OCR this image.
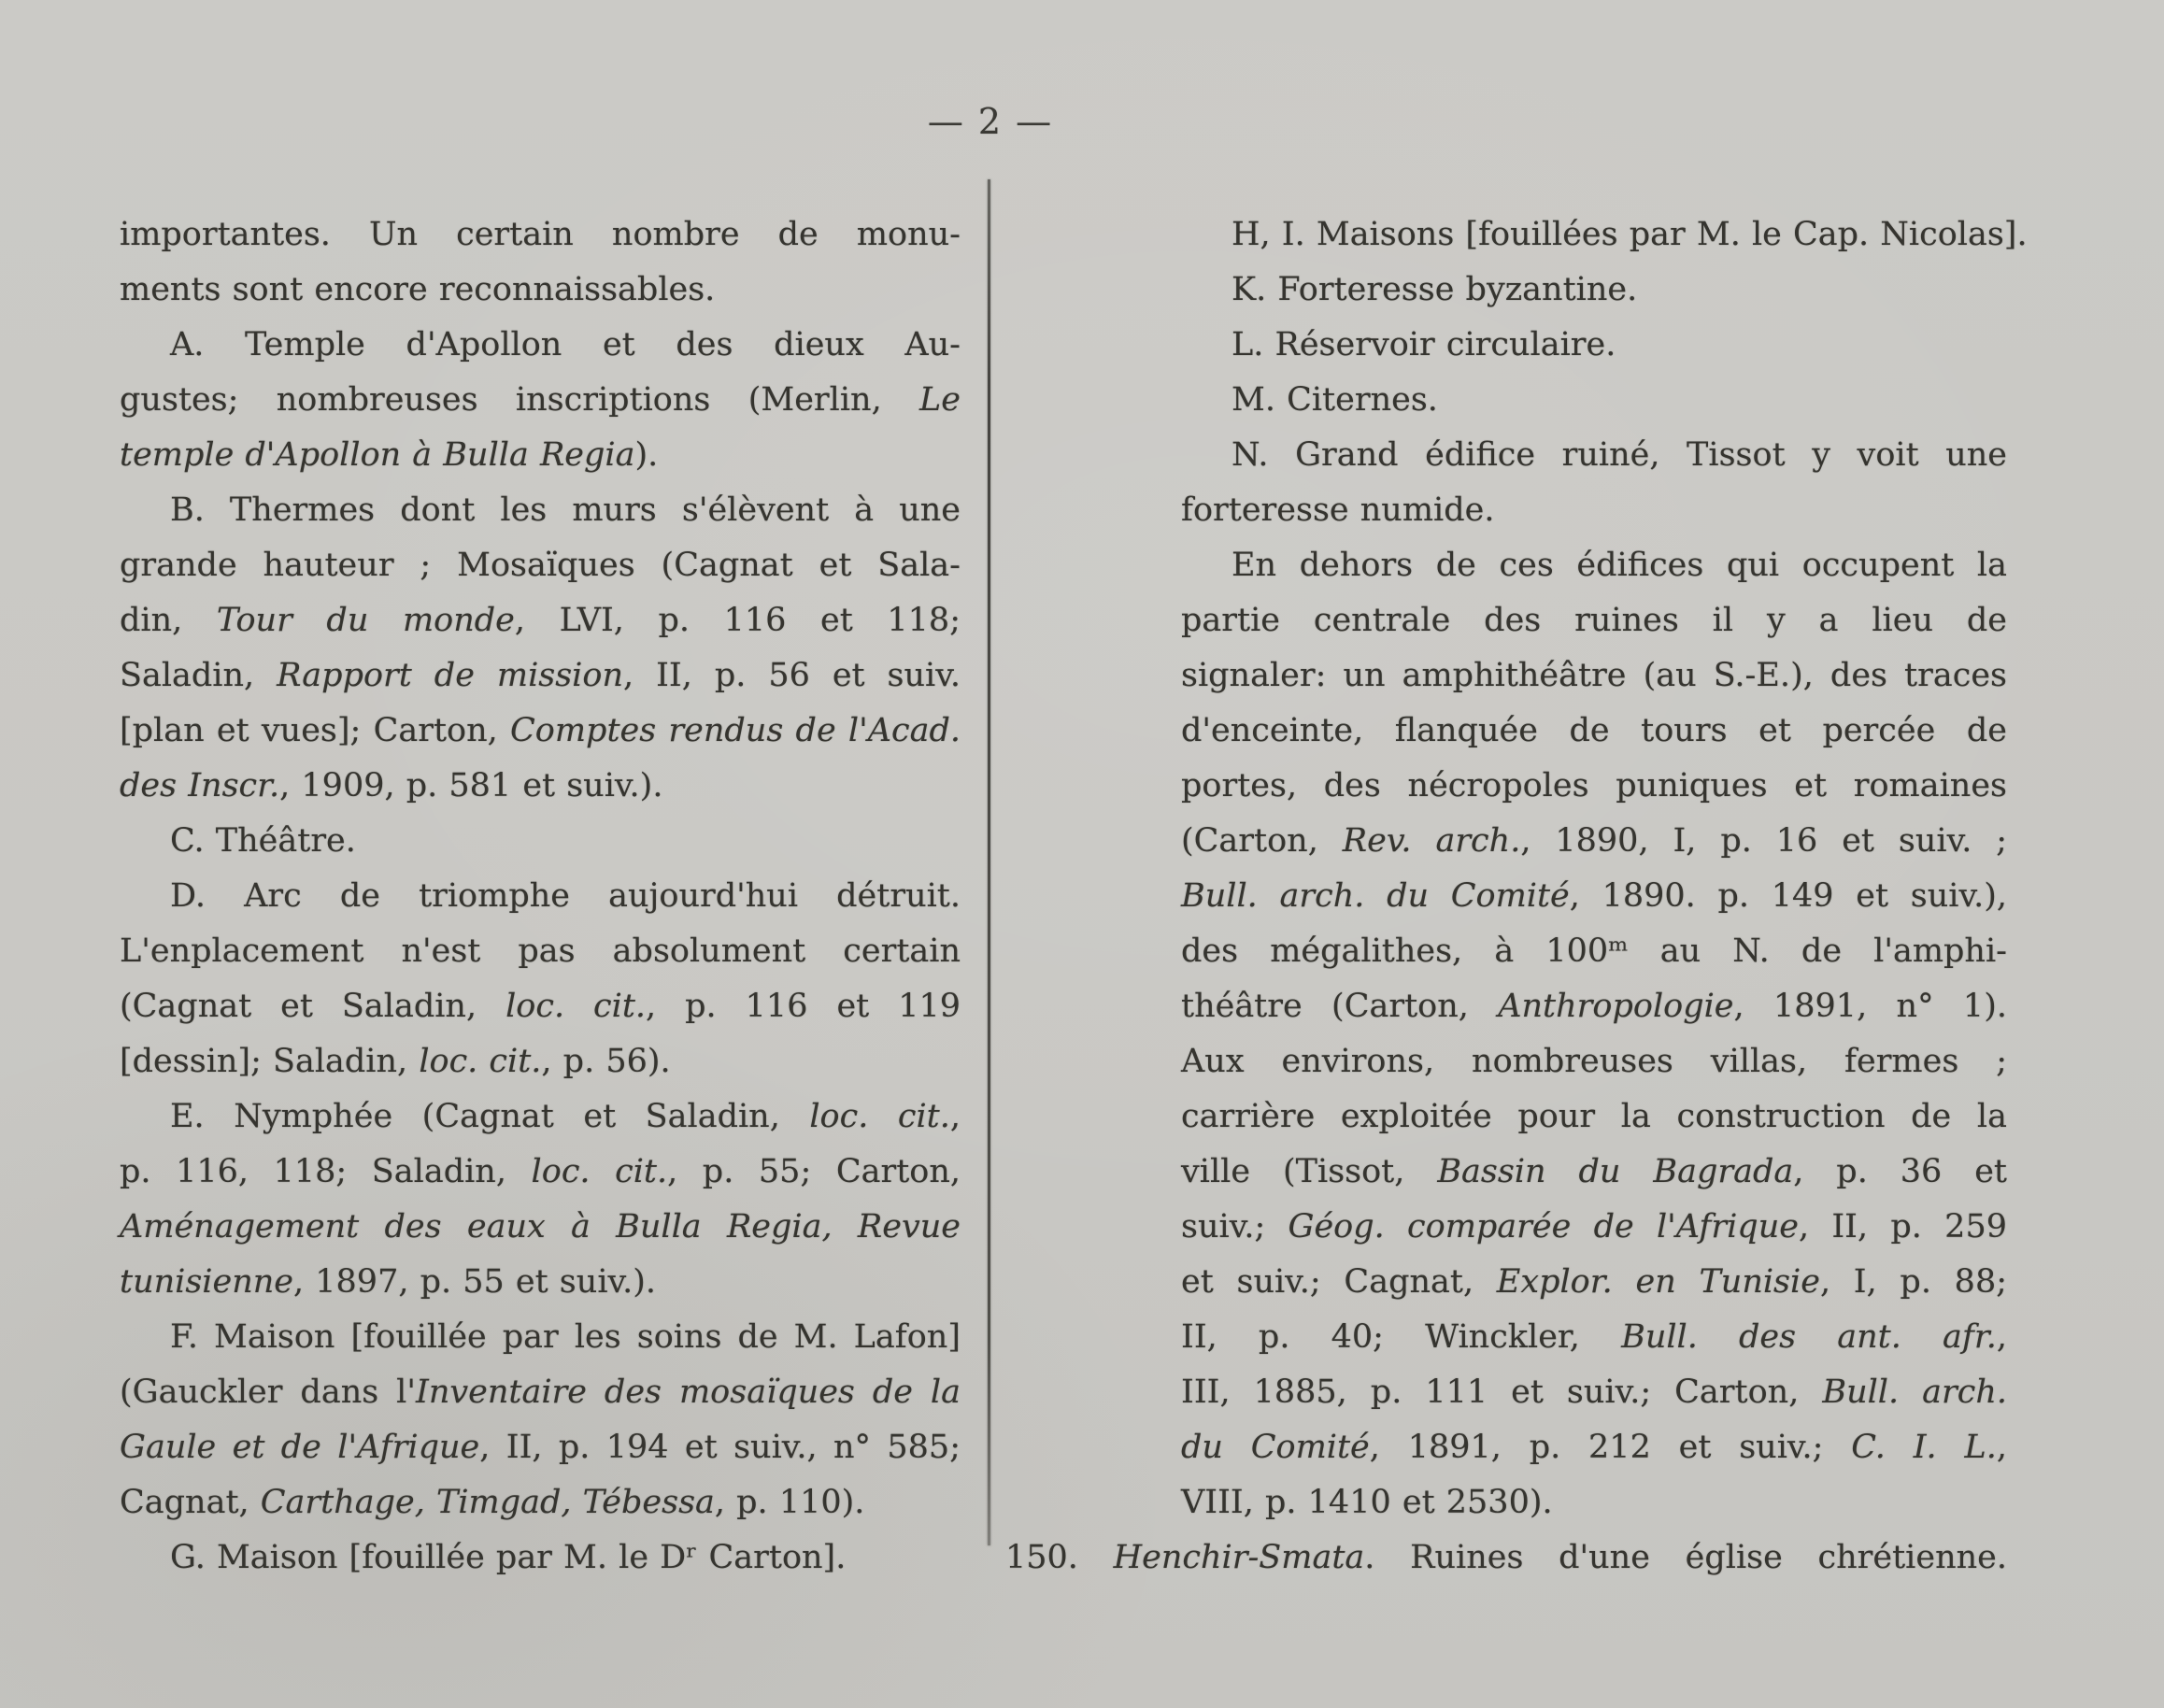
— 2 —
importantes. Un certain nombre de monu-
ments sont encore reconnaissables.
A. Temple d'Apollon et des dieux Au-
gustes; nombreuses inscriptions (Merlin, Le
temple d'Apollon à Bulla Regia).
B. Thermes dont les murs s'élèvent à une
grande hauteur ; Mosaïques (Cagnat et Sala-
din, Tour du monde, LVI, p. 116 et 118;
Saladin, Rapport de mission, II, p. 56 et suiv.
[plan et vues]; Carton, Comptes rendus de l'Acad.
des Inscr., 1909, p. 581 et suiv.).
C. Théâtre.
D. Arc de triomphe aujourd'hui détruit.
L'enplacement n'est pas absolument certain
(Cagnat et Saladin, loc. cit., p. 116 et 119
[dessin]; Saladin, loc. cit., p. 56).
E. Nymphée (Cagnat et Saladin, loc. cit.,
p. 116, 118; Saladin, loc. cit., p. 55; Carton,
Aménagement des eaux à Bulla Regia, Revue
tunisienne, 1897, p. 55 et suiv.).
F. Maison [fouillée par les soins de M. Lafon]
(Gauckler dans l'Inventaire des mosaïques de la
Gaule et de l'Afrique, II, p. 194 et suiv., n° 585;
Cagnat, Carthage, Timgad, Tébessa, p. 110).
G. Maison [fouillée par M. le Dʳ Carton].
H, I. Maisons [fouillées par M. le Cap. Nicolas].
K. Forteresse byzantine.
L. Réservoir circulaire.
M. Citernes.
N. Grand édifice ruiné, Tissot y voit une
forteresse numide.
En dehors de ces édifices qui occupent la
partie centrale des ruines il y a lieu de
signaler: un amphithéâtre (au S.-E.), des traces
d'enceinte, flanquée de tours et percée de
portes, des nécropoles puniques et romaines
(Carton, Rev. arch., 1890, I, p. 16 et suiv. ;
Bull. arch. du Comité, 1890. p. 149 et suiv.),
des mégalithes, à 100ᵐ au N. de l'amphi-
théâtre (Carton, Anthropologie, 1891, n° 1).
Aux environs, nombreuses villas, fermes ;
carrière exploitée pour la construction de la
ville (Tissot, Bassin du Bagrada, p. 36 et
suiv.; Géog. comparée de l'Afrique, II, p. 259
et suiv.; Cagnat, Explor. en Tunisie, I, p. 88;
II, p. 40; Winckler, Bull. des ant. afr.,
III, 1885, p. 111 et suiv.; Carton, Bull. arch.
du Comité, 1891, p. 212 et suiv.; C. I. L.,
VIII, p. 1410 et 2530).
150. Henchir-Smata. Ruines d'une église chrétienne.
